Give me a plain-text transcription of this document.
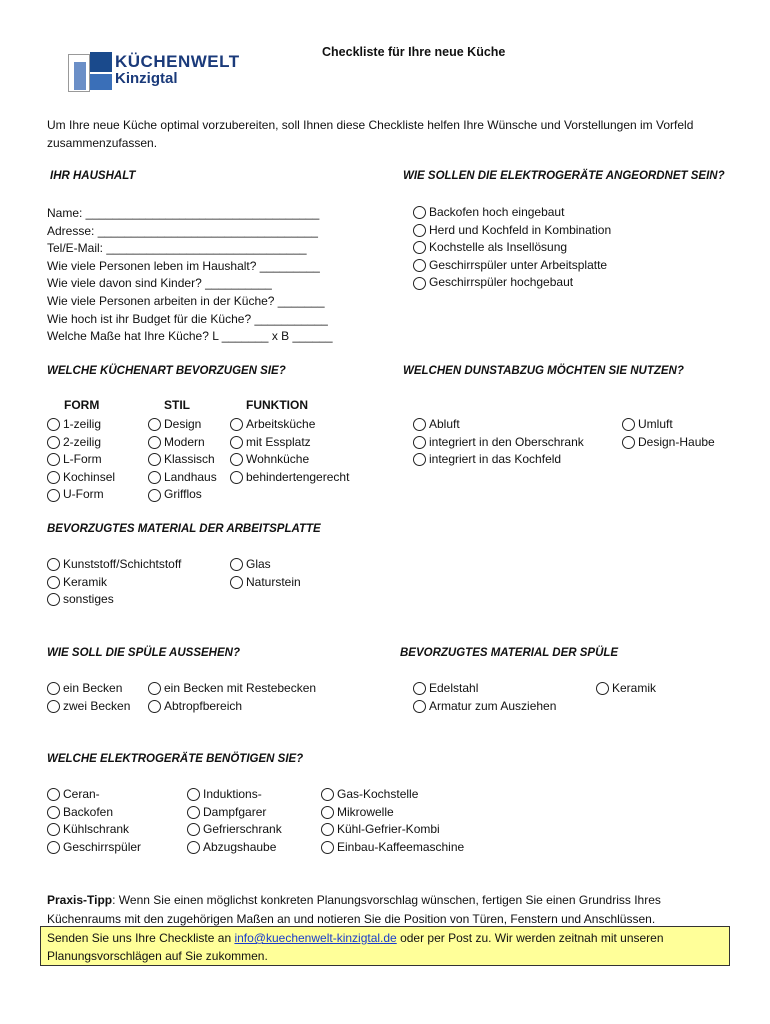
KÜCHENWELT
Kinzigtal
Checkliste für Ihre neue Küche
Um Ihre neue Küche optimal vorzubereiten, soll Ihnen diese Checkliste helfen Ihre Wünsche und Vorstellungen im Vorfeld zusammenzufassen.
IHR HAUSHALT
Name: ___________________________________
Adresse: _________________________________
Tel/E-Mail: ______________________________
Wie viele Personen leben im Haushalt? _________
Wie viele davon sind Kinder? __________
Wie viele Personen arbeiten in der Küche? _______
Wie hoch ist ihr Budget für die Küche? ___________
Welche Maße hat Ihre Küche? L _______ x B ______
WIE SOLLEN DIE ELEKTROGERÄTE ANGEORDNET SEIN?
Backofen hoch eingebaut
Herd und Kochfeld in Kombination
Kochstelle als Insellösung
Geschirrspüler unter Arbeitsplatte
Geschirrspüler hochgebaut
WELCHE KÜCHENART BEVORZUGEN SIE?
FORM	STIL	FUNKTION
1-zeilig
2-zeilig
L-Form
Kochinsel
U-Form
Design
Modern
Klassisch
Landhaus
Grifflos
Arbeitsküche
mit Essplatz
Wohnküche
behindertengerecht
WELCHEN DUNSTABZUG MÖCHTEN SIE NUTZEN?
Abluft
integriert in den Oberschrank
integriert in das Kochfeld
Umluft
Design-Haube
BEVORZUGTES MATERIAL DER ARBEITSPLATTE
Kunststoff/Schichtstoff
Keramik
sonstiges
Glas
Naturstein
WIE SOLL DIE SPÜLE AUSSEHEN?
ein Becken
zwei Becken
ein Becken mit Restebecken
Abtropfbereich
BEVORZUGTES MATERIAL DER SPÜLE
Edelstahl
Armatur zum Ausziehen
Keramik
WELCHE ELEKTROGERÄTE BENÖTIGEN SIE?
Ceran-
Backofen
Kühlschrank
Geschirrspüler
Induktions-
Dampfgarer
Gefrierschrank
Abzugshaube
Gas-Kochstelle
Mikrowelle
Kühl-Gefrier-Kombi
Einbau-Kaffeemaschine
Praxis-Tipp: Wenn Sie einen möglichst konkreten Planungsvorschlag wünschen, fertigen Sie einen Grundriss Ihres Küchenraums mit den zugehörigen Maßen an und notieren Sie die Position von Türen, Fenstern und Anschlüssen.
Senden Sie uns Ihre Checkliste an info@kuechenwelt-kinzigtal.de oder per Post zu. Wir werden zeitnah mit unseren Planungsvorschlägen auf Sie zukommen.
